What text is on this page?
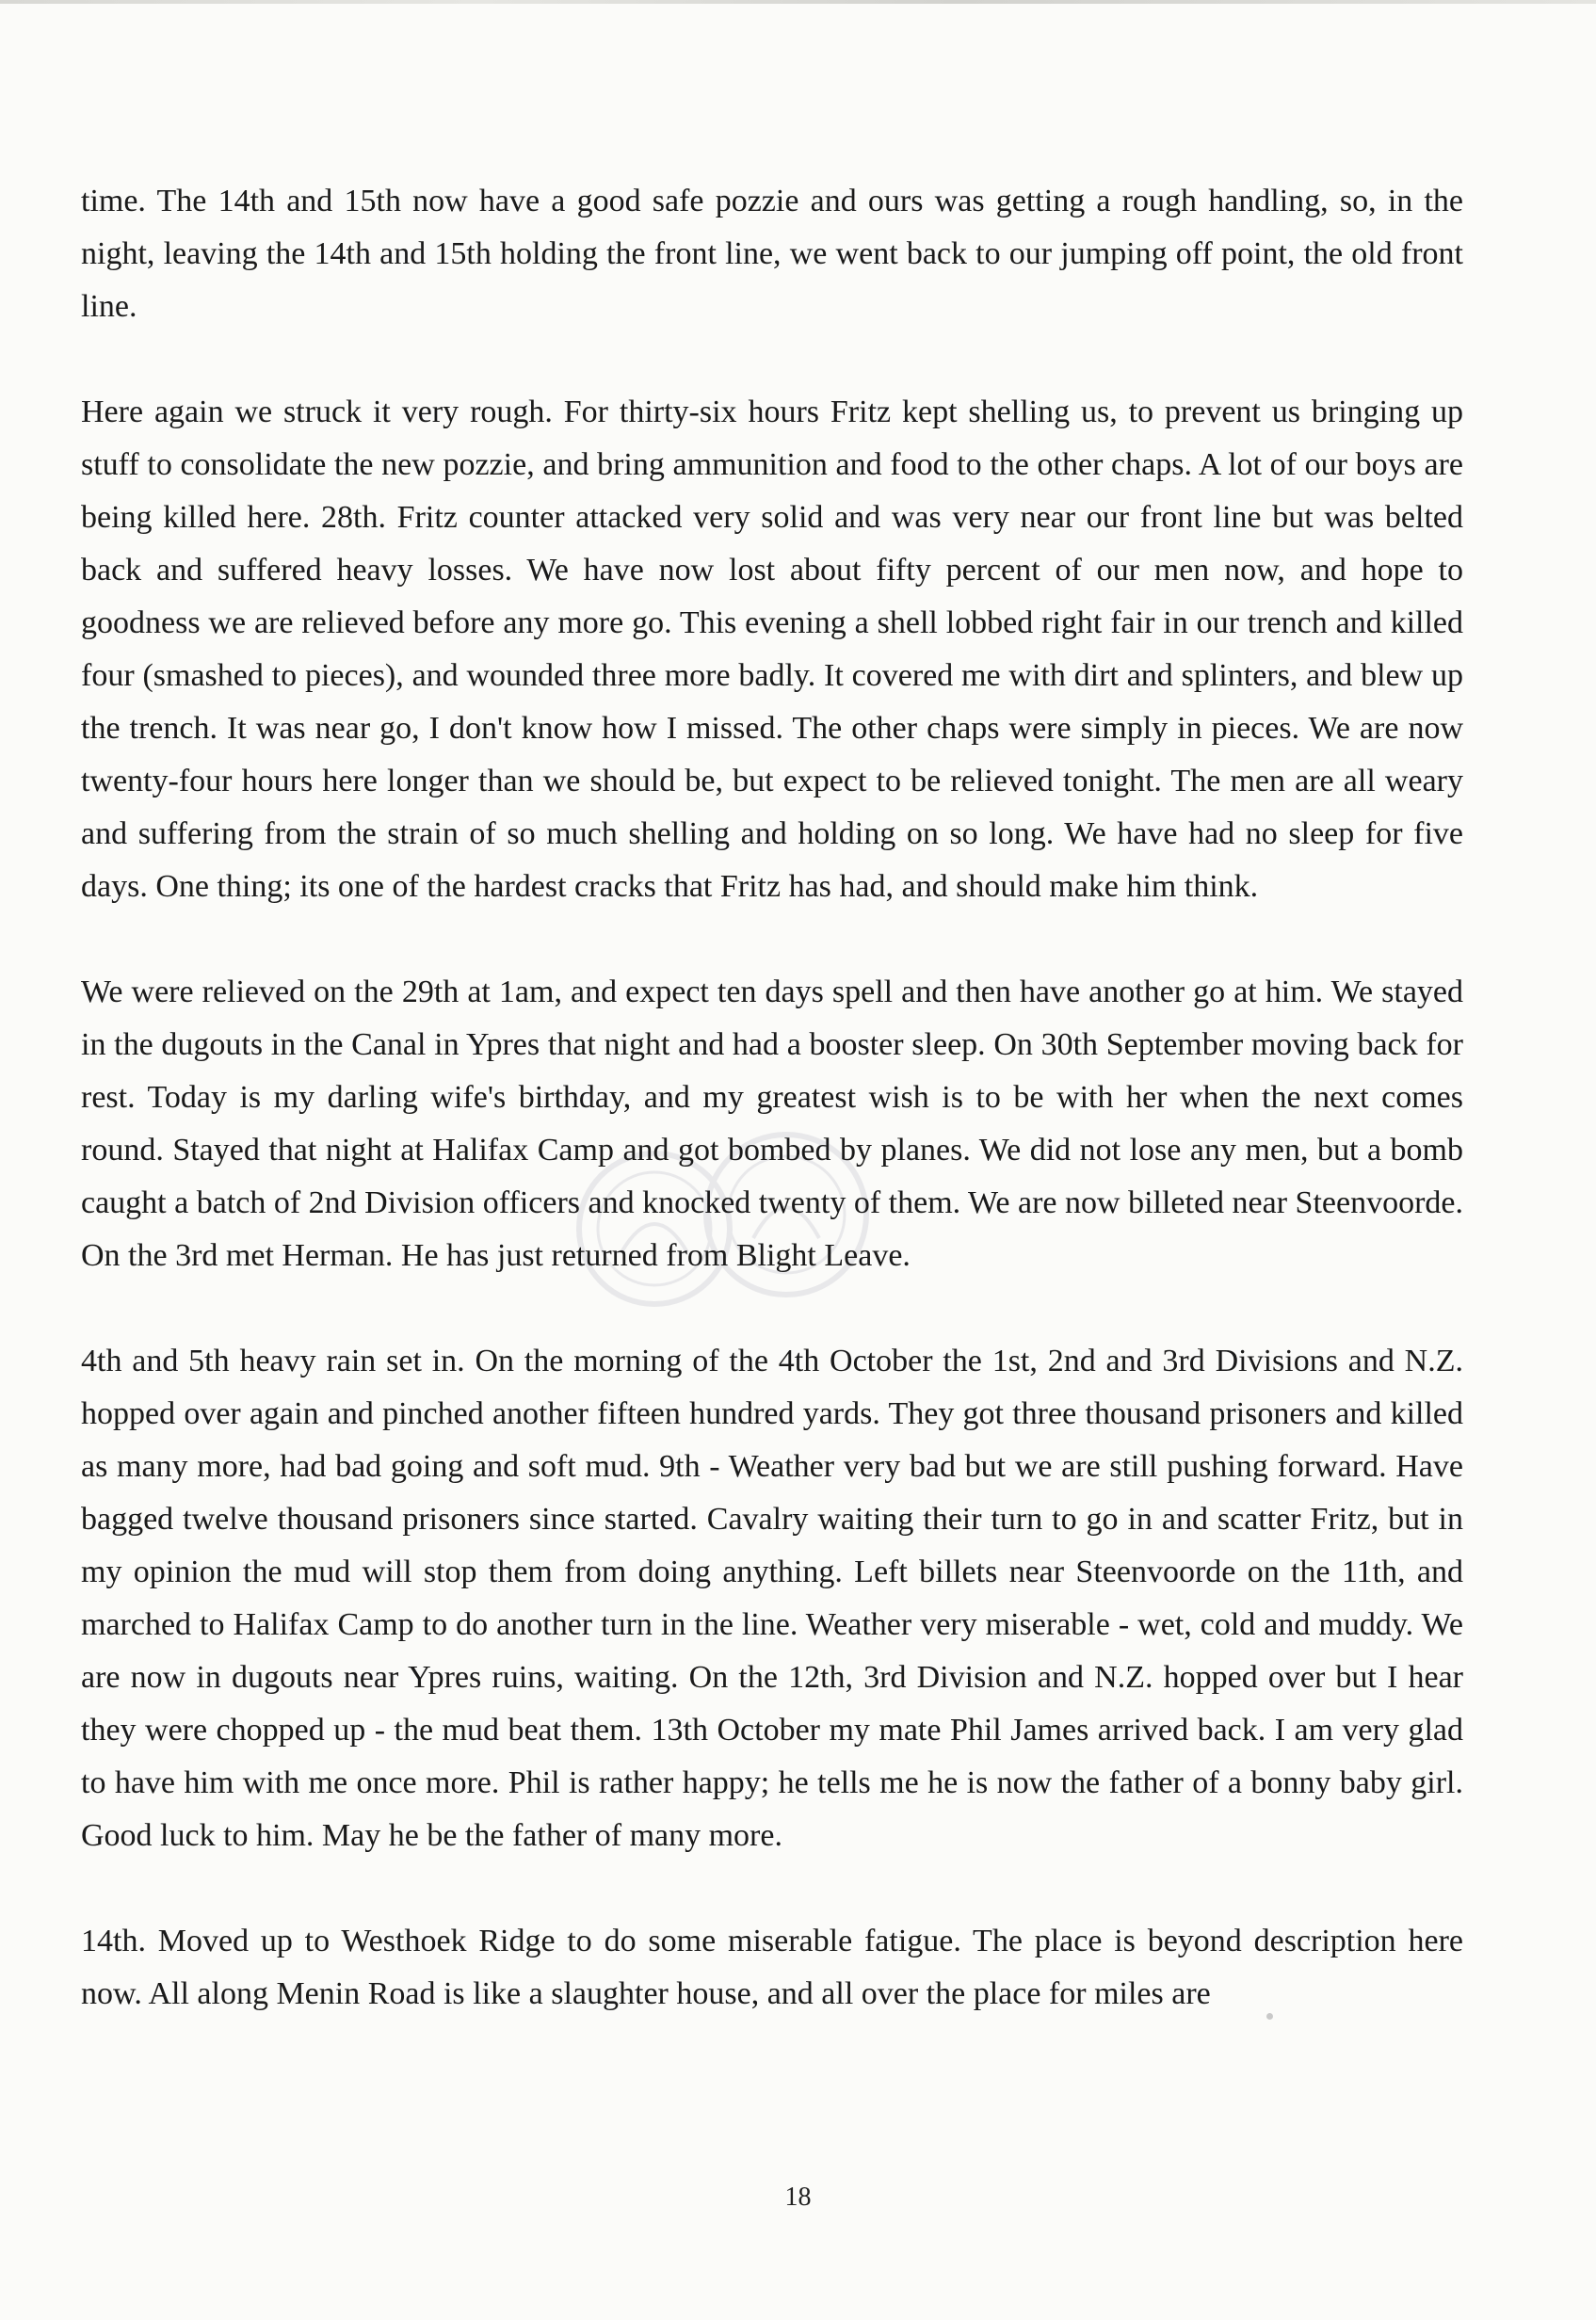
time. The 14th and 15th now have a good safe pozzie and ours was getting a rough handling, so, in the night, leaving the 14th and 15th holding the front line, we went back to our jumping off point, the old front line.

Here again we struck it very rough. For thirty-six hours Fritz kept shelling us, to prevent us bringing up stuff to consolidate the new pozzie, and bring ammunition and food to the other chaps. A lot of our boys are being killed here. 28th. Fritz counter attacked very solid and was very near our front line but was belted back and suffered heavy losses. We have now lost about fifty percent of our men now, and hope to goodness we are relieved before any more go. This evening a shell lobbed right fair in our trench and killed four (smashed to pieces), and wounded three more badly. It covered me with dirt and splinters, and blew up the trench. It was near go, I don't know how I missed. The other chaps were simply in pieces. We are now twenty-four hours here longer than we should be, but expect to be relieved tonight. The men are all weary and suffering from the strain of so much shelling and holding on so long. We have had no sleep for five days. One thing; its one of the hardest cracks that Fritz has had, and should make him think.

We were relieved on the 29th at 1am, and expect ten days spell and then have another go at him. We stayed in the dugouts in the Canal in Ypres that night and had a booster sleep. On 30th September moving back for rest. Today is my darling wife's birthday, and my greatest wish is to be with her when the next comes round. Stayed that night at Halifax Camp and got bombed by planes. We did not lose any men, but a bomb caught a batch of 2nd Division officers and knocked twenty of them. We are now billeted near Steenvoorde. On the 3rd met Herman. He has just returned from Blight Leave.

4th and 5th heavy rain set in. On the morning of the 4th October the 1st, 2nd and 3rd Divisions and N.Z. hopped over again and pinched another fifteen hundred yards. They got three thousand prisoners and killed as many more, had bad going and soft mud. 9th - Weather very bad but we are still pushing forward. Have bagged twelve thousand prisoners since started. Cavalry waiting their turn to go in and scatter Fritz, but in my opinion the mud will stop them from doing anything. Left billets near Steenvoorde on the 11th, and marched to Halifax Camp to do another turn in the line. Weather very miserable - wet, cold and muddy. We are now in dugouts near Ypres ruins, waiting. On the 12th, 3rd Division and N.Z. hopped over but I hear they were chopped up - the mud beat them. 13th October my mate Phil James arrived back. I am very glad to have him with me once more. Phil is rather happy; he tells me he is now the father of a bonny baby girl. Good luck to him. May he be the father of many more.

14th. Moved up to Westhoek Ridge to do some miserable fatigue. The place is beyond description here now. All along Menin Road is like a slaughter house, and all over the place for miles are

18
